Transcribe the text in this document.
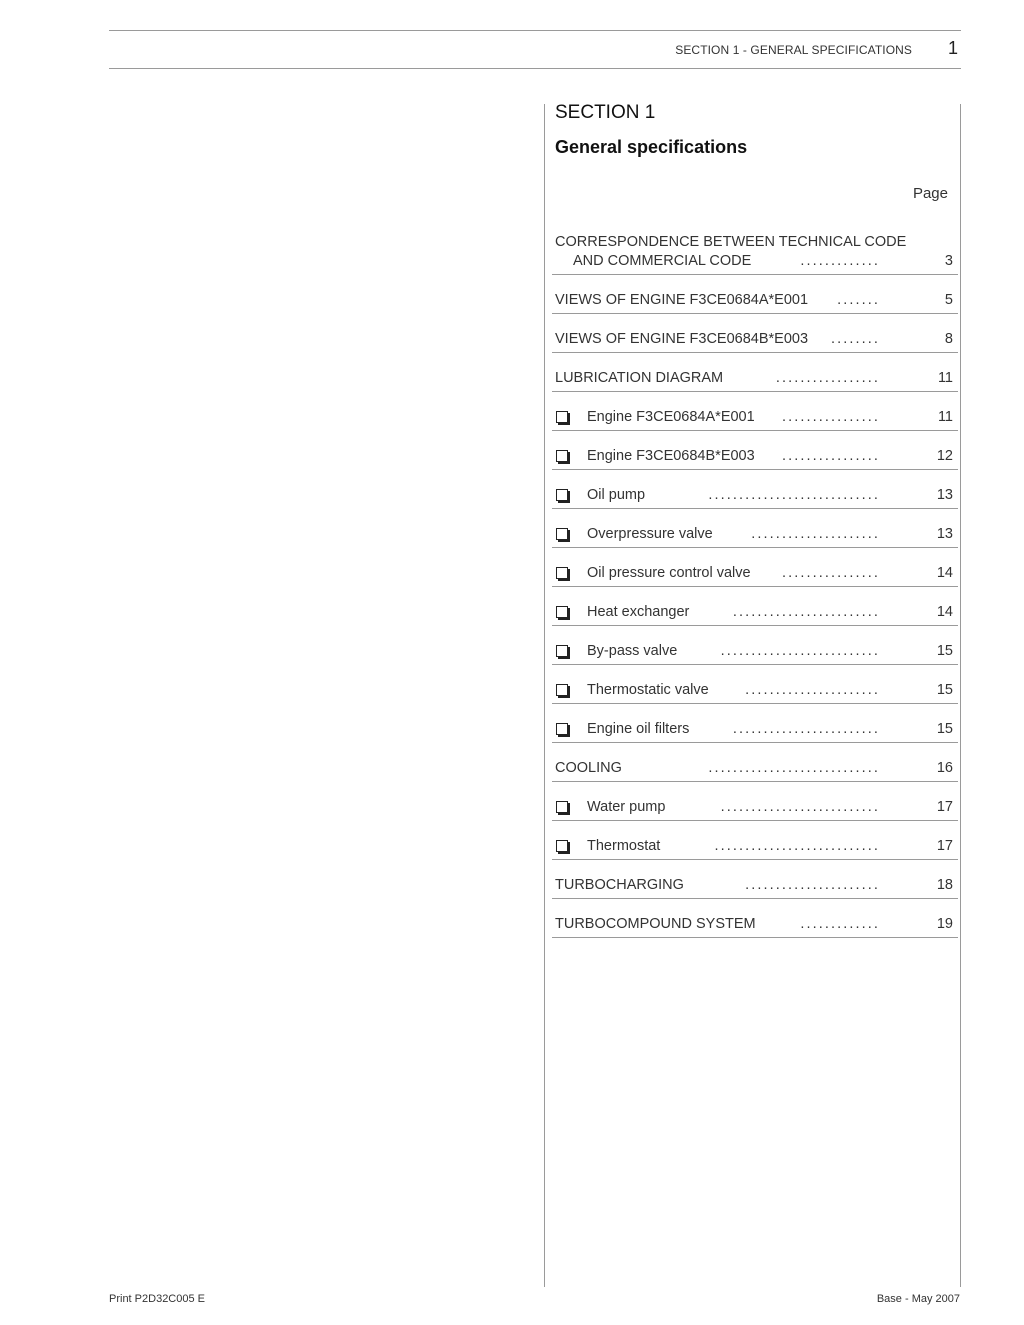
SECTION 1 - GENERAL SPECIFICATIONS 1
SECTION 1
General specifications
Page
CORRESPONDENCE BETWEEN TECHNICAL CODE
AND COMMERCIAL CODE	.............	3
VIEWS OF ENGINE F3CE0684A*E001 .......	5
VIEWS OF ENGINE F3CE0684B*E003 ........	8
LUBRICATION DIAGRAM	.................	11
Engine F3CE0684A*E001 ................	11
Engine F3CE0684B*E003 ................	12
Oil pump	............................	13
Overpressure valve	.....................	13
Oil pressure control valve ................	14
Heat exchanger	........................	14
By-pass valve	..........................	15
Thermostatic valve	......................	15
Engine oil filters	........................	15
COOLING	............................	16
Water pump	..........................	17
Thermostat	...........................	17
TURBOCHARGING	......................	18
TURBOCOMPOUND SYSTEM	.............	19
Print P2D32C005 E	Base - May 2007
